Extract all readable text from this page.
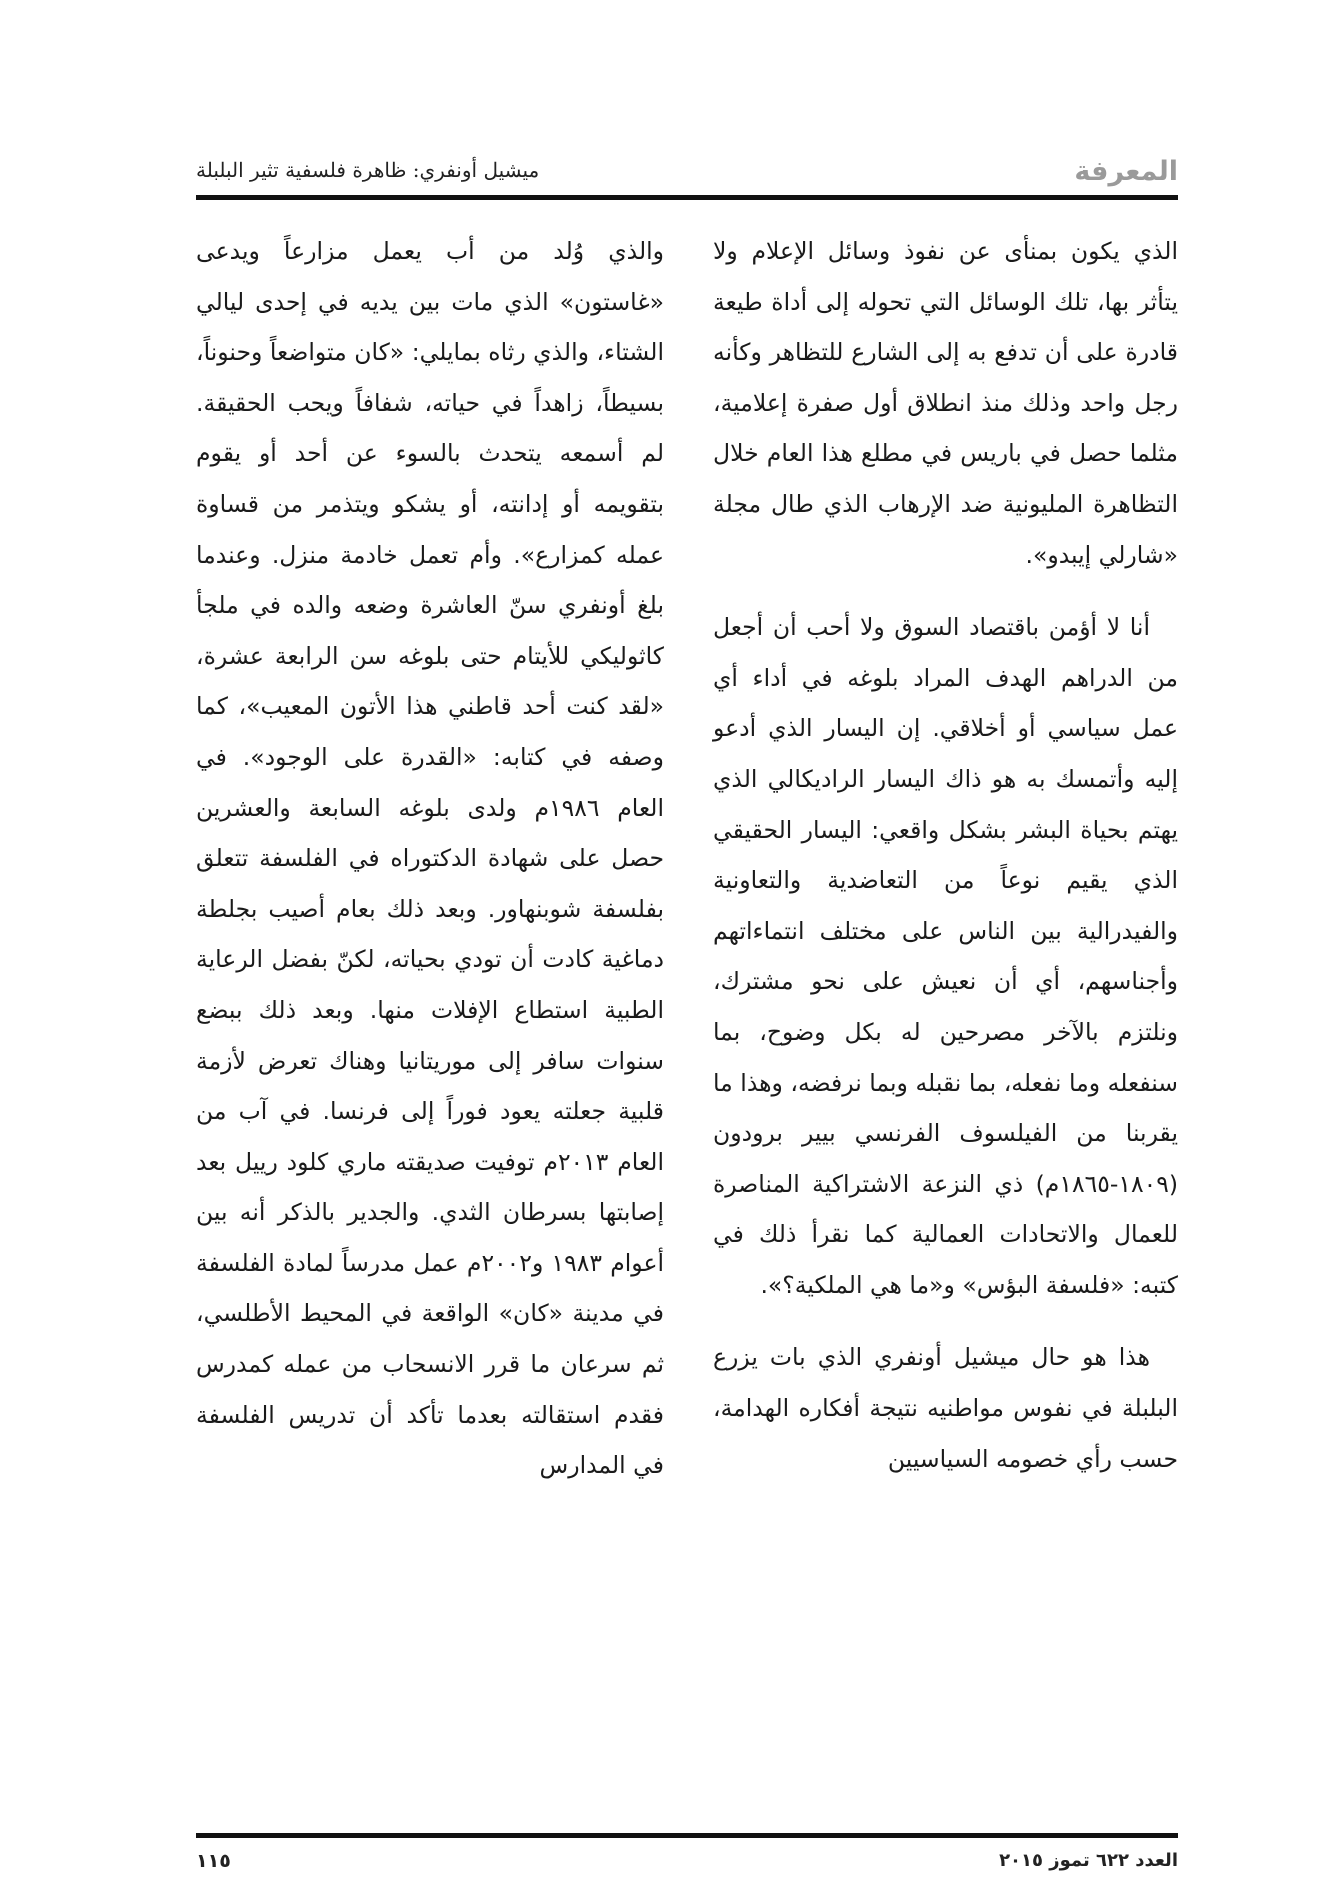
المعرفة
ميشيل أونفري: ظاهرة فلسفية تثير البلبلة

الذي يكون بمنأى عن نفوذ وسائل الإعلام ولا يتأثر بها، تلك الوسائل التي تحوله إلى أداة طيعة قادرة على أن تدفع به إلى الشارع للتظاهر وكأنه رجل واحد وذلك منذ انطلاق أول صفرة إعلامية، مثلما حصل في باريس في مطلع هذا العام خلال التظاهرة المليونية ضد الإرهاب الذي طال مجلة «شارلي إيبدو».

أنا لا أؤمن باقتصاد السوق ولا أحب أن أجعل من الدراهم الهدف المراد بلوغه في أداء أي عمل سياسي أو أخلاقي. إن اليسار الذي أدعو إليه وأتمسك به هو ذاك اليسار الراديكالي الذي يهتم بحياة البشر بشكل واقعي: اليسار الحقيقي الذي يقيم نوعاً من التعاضدية والتعاونية والفيدرالية بين الناس على مختلف انتماءاتهم وأجناسهم، أي أن نعيش على نحو مشترك، ونلتزم بالآخر مصرحين له بكل وضوح، بما سنفعله وما نفعله، بما نقبله وبما نرفضه، وهذا ما يقربنا من الفيلسوف الفرنسي بيير برودون (١٨٠٩-١٨٦٥م) ذي النزعة الاشتراكية المناصرة للعمال والاتحادات العمالية كما نقرأ ذلك في كتبه: «فلسفة البؤس» و«ما هي الملكية؟».

هذا هو حال ميشيل أونفري الذي بات يزرع البلبلة في نفوس مواطنيه نتيجة أفكاره الهدامة، حسب رأي خصومه السياسيين

والذي وُلد من أب يعمل مزارعاً ويدعى «غاستون» الذي مات بين يديه في إحدى ليالي الشتاء، والذي رثاه بمايلي: «كان متواضعاً وحنوناً، بسيطاً، زاهداً في حياته، شفافاً ويحب الحقيقة. لم أسمعه يتحدث بالسوء عن أحد أو يقوم بتقويمه أو إدانته، أو يشكو ويتذمر من قساوة عمله كمزارع». وأم تعمل خادمة منزل. وعندما بلغ أونفري سنّ العاشرة وضعه والده في ملجأ كاثوليكي للأيتام حتى بلوغه سن الرابعة عشرة، «لقد كنت أحد قاطني هذا الأتون المعيب»، كما وصفه في كتابه: «القدرة على الوجود». في العام ١٩٨٦م ولدى بلوغه السابعة والعشرين حصل على شهادة الدكتوراه في الفلسفة تتعلق بفلسفة شوبنهاور. وبعد ذلك بعام أصيب بجلطة دماغية كادت أن تودي بحياته، لكنّ بفضل الرعاية الطبية استطاع الإفلات منها. وبعد ذلك ببضع سنوات سافر إلى موريتانيا وهناك تعرض لأزمة قلبية جعلته يعود فوراً إلى فرنسا. في آب من العام ٢٠١٣م توفيت صديقته ماري كلود رييل بعد إصابتها بسرطان الثدي. والجدير بالذكر أنه بين أعوام ١٩٨٣ و٢٠٠٢م عمل مدرساً لمادة الفلسفة في مدينة «كان» الواقعة في المحيط الأطلسي، ثم سرعان ما قرر الانسحاب من عمله كمدرس فقدم استقالته بعدما تأكد أن تدريس الفلسفة في المدارس

العدد ٦٢٢ تموز ٢٠١٥
١١٥
